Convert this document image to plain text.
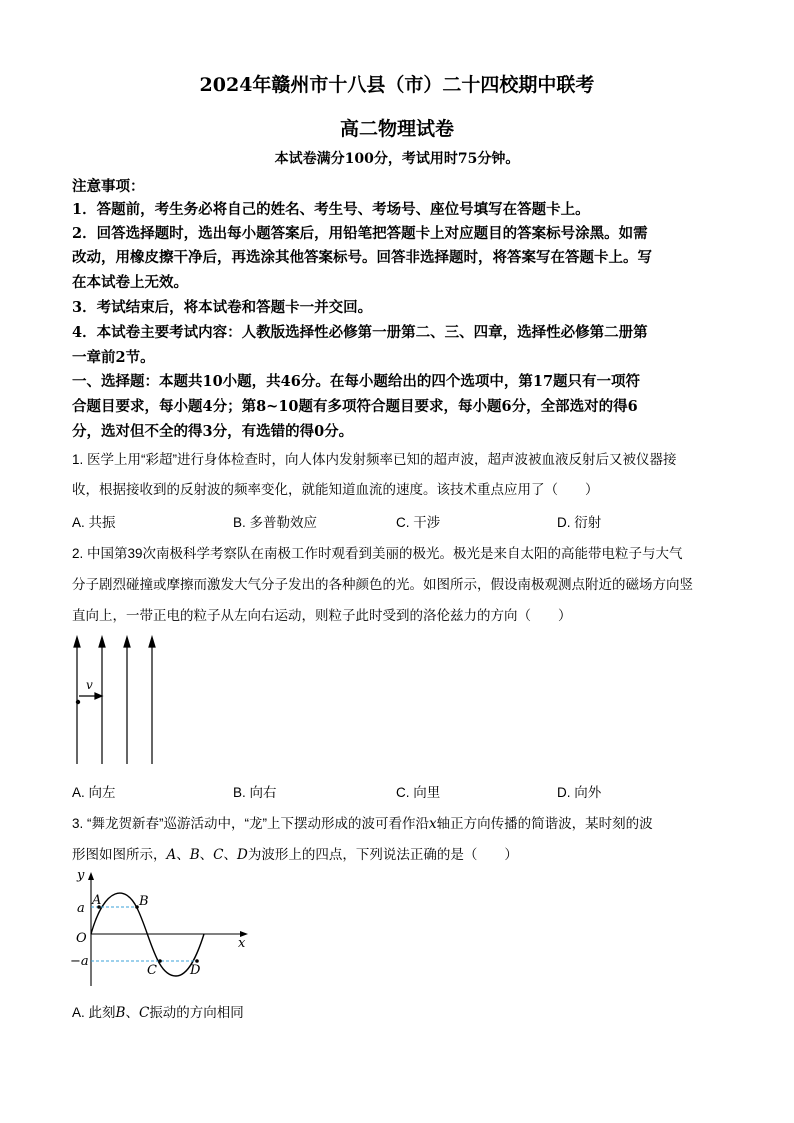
2024年赣州市十八县（市）二十四校期中联考
高二物理试卷
本试卷满分100分，考试用时75分钟。
注意事项：
1．答题前，考生务必将自己的姓名、考生号、考场号、座位号填写在答题卡上。
2．回答选择题时，选出每小题答案后，用铅笔把答题卡上对应题目的答案标号涂黑。如需
改动，用橡皮擦干净后，再选涂其他答案标号。回答非选择题时，将答案写在答题卡上。写
在本试卷上无效。
3．考试结束后，将本试卷和答题卡一并交回。
4．本试卷主要考试内容：人教版选择性必修第一册第二、三、四章，选择性必修第二册第
一章前2节。
一、选择题：本题共10小题，共46分。在每小题给出的四个选项中，第17题只有一项符
合题目要求，每小题4分；第8~10题有多项符合题目要求，每小题6分，全部选对的得6
分，选对但不全的得3分，有选错的得0分。
1. 医学上用“彩超”进行身体检查时，向人体内发射频率已知的超声波，超声波被血液反射后又被仪器接
收，根据接收到的反射波的频率变化，就能知道血流的速度。该技术重点应用了（　　）
A. 共振	B. 多普勒效应	C. 干涉	D. 衍射
2. 中国第39次南极科学考察队在南极工作时观看到美丽的极光。极光是来自太阳的高能带电粒子与大气
分子剧烈碰撞或摩擦而激发大气分子发出的各种颜色的光。如图所示，假设南极观测点附近的磁场方向竖
直向上，一带正电的粒子从左向右运动，则粒子此时受到的洛伦兹力的方向（　　）
v
A. 向左	B. 向右	C. 向里	D. 向外
3. “舞龙贺新春”巡游活动中，“龙”上下摆动形成的波可看作沿x轴正方向传播的简谐波，某时刻的波
形图如图所示，A、B、C、D为波形上的四点，下列说法正确的是（　　）
y
x
O
a
−a
A	B
C	D
A. 此刻B、C振动的方向相同
